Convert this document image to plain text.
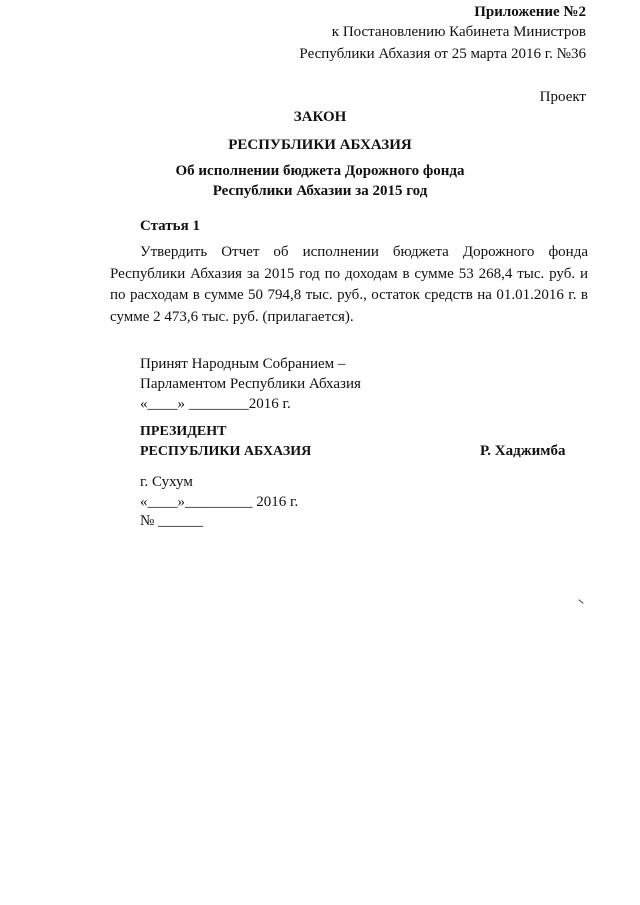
Приложение №2
к Постановлению Кабинета Министров
Республики Абхазия от 25 марта 2016 г. №36
Проект
ЗАКОН
РЕСПУБЛИКИ АБХАЗИЯ
Об исполнении бюджета Дорожного фонда
Республики Абхазии за 2015 год
Статья 1
Утвердить Отчет об исполнении бюджета Дорожного фонда Республики Абхазия за 2015 год по доходам в сумме 53 268,4 тыс. руб. и по расходам в сумме 50 794,8 тыс. руб., остаток средств на 01.01.2016 г. в сумме 2 473,6 тыс. руб. (прилагается).
Принят Народным Собранием –
Парламентом Республики Абхазия
«____» ________2016 г.
ПРЕЗИДЕНТ
РЕСПУБЛИКИ АБХАЗИЯ	Р. Хаджимба
г. Сухум
«____»_________ 2016 г.
№ ______
